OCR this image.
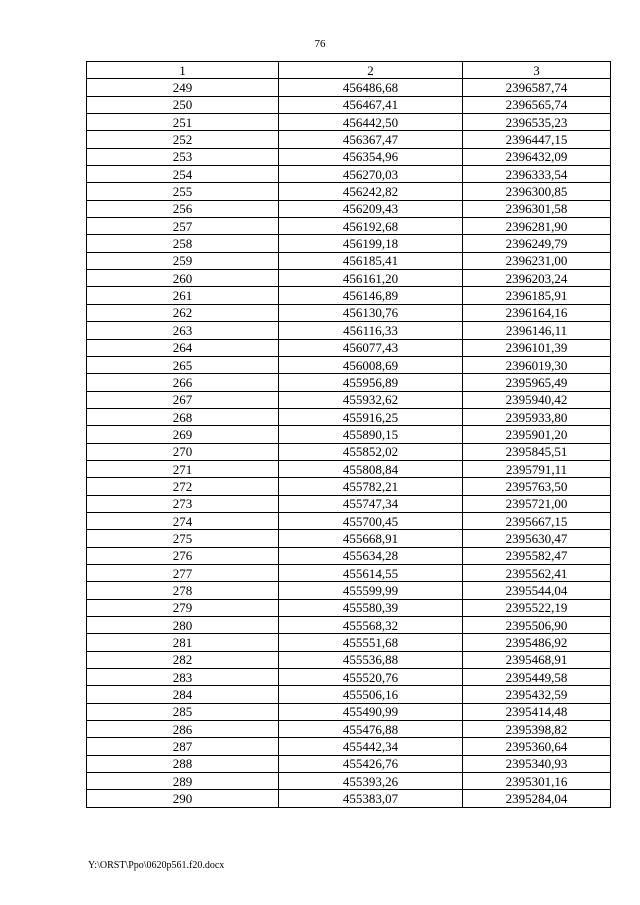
76
1	2	3
249	456486,68	2396587,74
250	456467,41	2396565,74
251	456442,50	2396535,23
252	456367,47	2396447,15
253	456354,96	2396432,09
254	456270,03	2396333,54
255	456242,82	2396300,85
256	456209,43	2396301,58
257	456192,68	2396281,90
258	456199,18	2396249,79
259	456185,41	2396231,00
260	456161,20	2396203,24
261	456146,89	2396185,91
262	456130,76	2396164,16
263	456116,33	2396146,11
264	456077,43	2396101,39
265	456008,69	2396019,30
266	455956,89	2395965,49
267	455932,62	2395940,42
268	455916,25	2395933,80
269	455890,15	2395901,20
270	455852,02	2395845,51
271	455808,84	2395791,11
272	455782,21	2395763,50
273	455747,34	2395721,00
274	455700,45	2395667,15
275	455668,91	2395630,47
276	455634,28	2395582,47
277	455614,55	2395562,41
278	455599,99	2395544,04
279	455580,39	2395522,19
280	455568,32	2395506,90
281	455551,68	2395486,92
282	455536,88	2395468,91
283	455520,76	2395449,58
284	455506,16	2395432,59
285	455490,99	2395414,48
286	455476,88	2395398,82
287	455442,34	2395360,64
288	455426,76	2395340,93
289	455393,26	2395301,16
290	455383,07	2395284,04
Y:\ORST\Ppo\0620p561.f20.docx
